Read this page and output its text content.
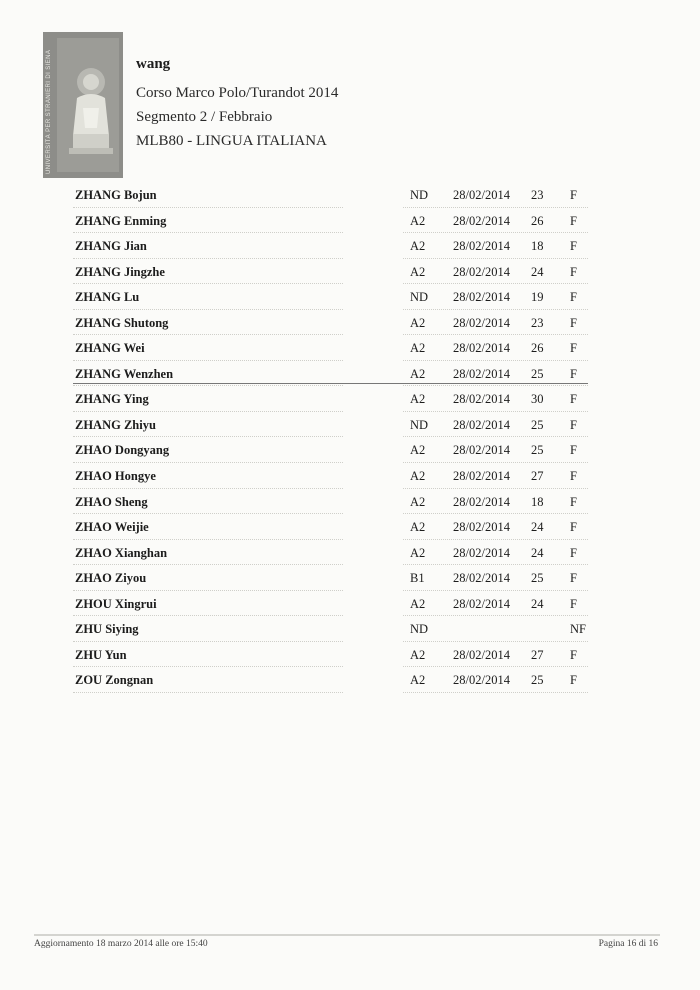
UNIVERSITÀ PER STRANIERI DI SIENA	wang
Corso Marco Polo/Turandot 2014
Segmento 2 / Febbraio
MLB80 - LINGUA ITALIANA
ZHANG Bojun	ND 28/02/2014 23 F
ZHANG Enming	A2 28/02/2014 26 F
ZHANG Jian	A2 28/02/2014 18 F
ZHANG Jingzhe	A2 28/02/2014 24 F
ZHANG Lu	ND 28/02/2014 19 F
ZHANG Shutong	A2 28/02/2014 23 F
ZHANG Wei	A2 28/02/2014 26 F
ZHANG Wenzhen	A2 28/02/2014 25 F
ZHANG Ying	A2 28/02/2014 30 F
ZHANG Zhiyu	ND 28/02/2014 25 F
ZHAO Dongyang	A2 28/02/2014 25 F
ZHAO Hongye	A2 28/02/2014 27 F
ZHAO Sheng	A2 28/02/2014 18 F
ZHAO Weijie	A2 28/02/2014 24 F
ZHAO Xianghan	A2 28/02/2014 24 F
ZHAO Ziyou	B1 28/02/2014 25 F
ZHOU Xingrui	A2 28/02/2014 24 F
ZHU Siying	ND	NF
ZHU Yun	A2 28/02/2014 27 F
ZOU Zongnan	A2 28/02/2014 25 F
Aggiornamento 18 marzo 2014 alle ore 15:40	Pagina 16 di 16
